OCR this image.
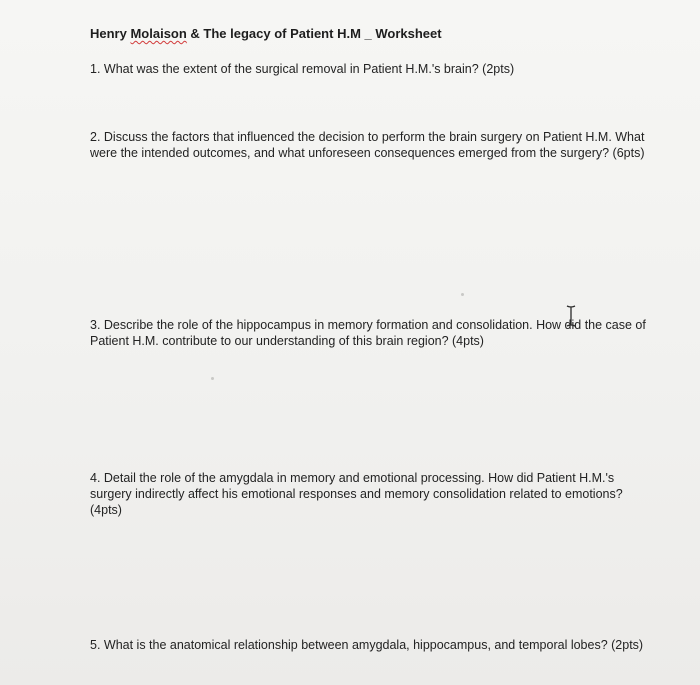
Henry Molaison & The legacy of Patient H.M _ Worksheet
1. What was the extent of the surgical removal in Patient H.M.'s brain? (2pts)
2. Discuss the factors that influenced the decision to perform the brain surgery on Patient H.M. What were the intended outcomes, and what unforeseen consequences emerged from the surgery? (6pts)
3. Describe the role of the hippocampus in memory formation and consolidation. How did the case of Patient H.M. contribute to our understanding of this brain region? (4pts)
4. Detail the role of the amygdala in memory and emotional processing. How did Patient H.M.'s surgery indirectly affect his emotional responses and memory consolidation related to emotions? (4pts)
5. What is the anatomical relationship between amygdala, hippocampus, and temporal lobes? (2pts)
